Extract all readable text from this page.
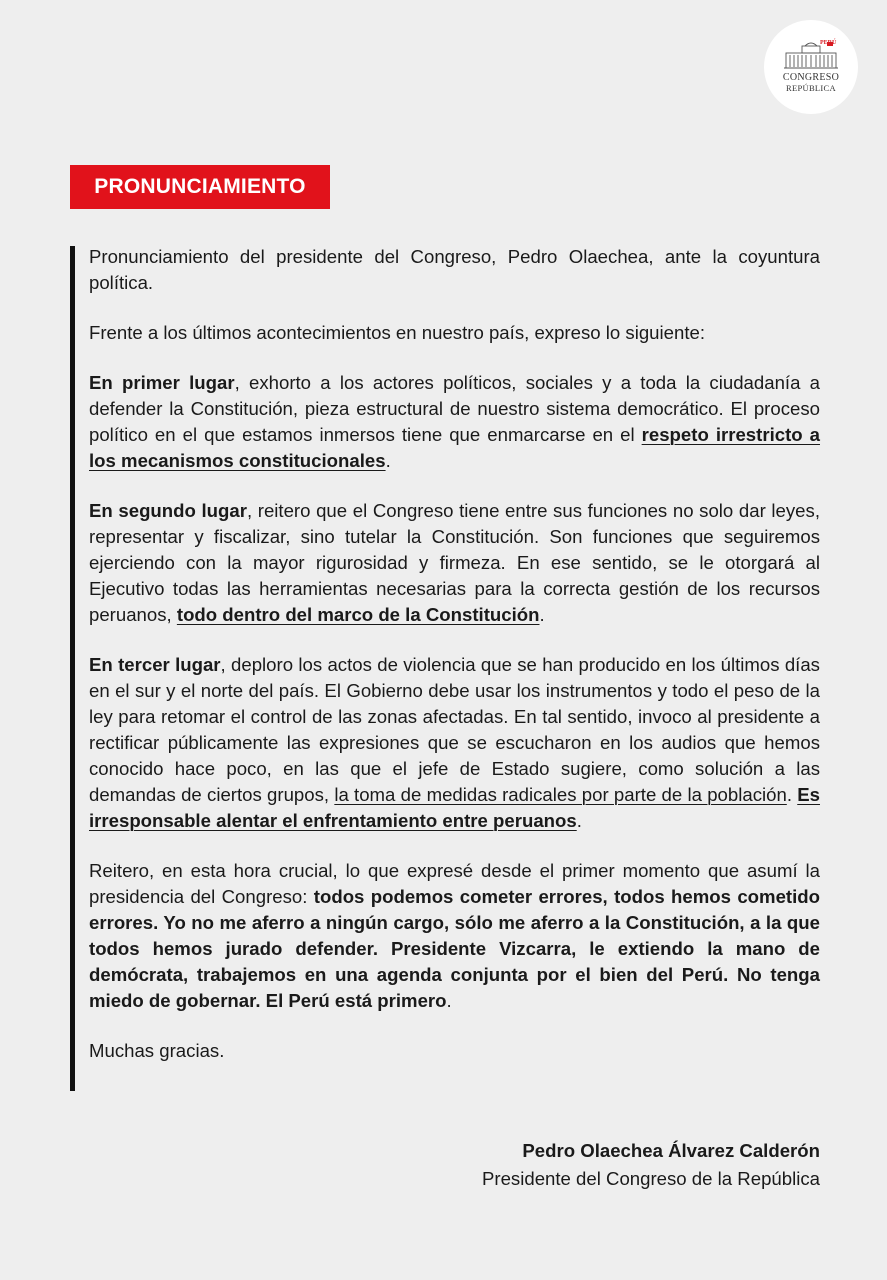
PERÚ
CONGRESO
REPÚBLICA
PRONUNCIAMIENTO

Pronunciamiento del presidente del Congreso, Pedro Olaechea, ante la coyuntura política.

Frente a los últimos acontecimientos en nuestro país, expreso lo siguiente:

En primer lugar, exhorto a los actores políticos, sociales y a toda la ciudadanía a defender la Constitución, pieza estructural de nuestro sistema democrático. El proceso político en el que estamos inmersos tiene que enmarcarse en el respeto irrestricto a los mecanismos constitucionales.

En segundo lugar, reitero que el Congreso tiene entre sus funciones no solo dar leyes, representar y fiscalizar, sino tutelar la Constitución. Son funciones que seguiremos ejerciendo con la mayor rigurosidad y firmeza. En ese sentido, se le otorgará al Ejecutivo todas las herramientas necesarias para la correcta gestión de los recursos peruanos, todo dentro del marco de la Constitución.

En tercer lugar, deploro los actos de violencia que se han producido en los últimos días en el sur y el norte del país. El Gobierno debe usar los instrumentos y todo el peso de la ley para retomar el control de las zonas afectadas. En tal sentido, invoco al presidente a rectificar públicamente las expresiones que se escucharon en los audios que hemos conocido hace poco, en las que el jefe de Estado sugiere, como solución a las demandas de ciertos grupos, la toma de medidas radicales por parte de la población. Es irresponsable alentar el enfrentamiento entre peruanos.

Reitero, en esta hora crucial, lo que expresé desde el primer momento que asumí la presidencia del Congreso: todos podemos cometer errores, todos hemos cometido errores. Yo no me aferro a ningún cargo, sólo me aferro a la Constitución, a la que todos hemos jurado defender. Presidente Vizcarra, le extiendo la mano de demócrata, trabajemos en una agenda conjunta por el bien del Perú. No tenga miedo de gobernar. El Perú está primero.

Muchas gracias.

Pedro Olaechea Álvarez Calderón
Presidente del Congreso de la República
